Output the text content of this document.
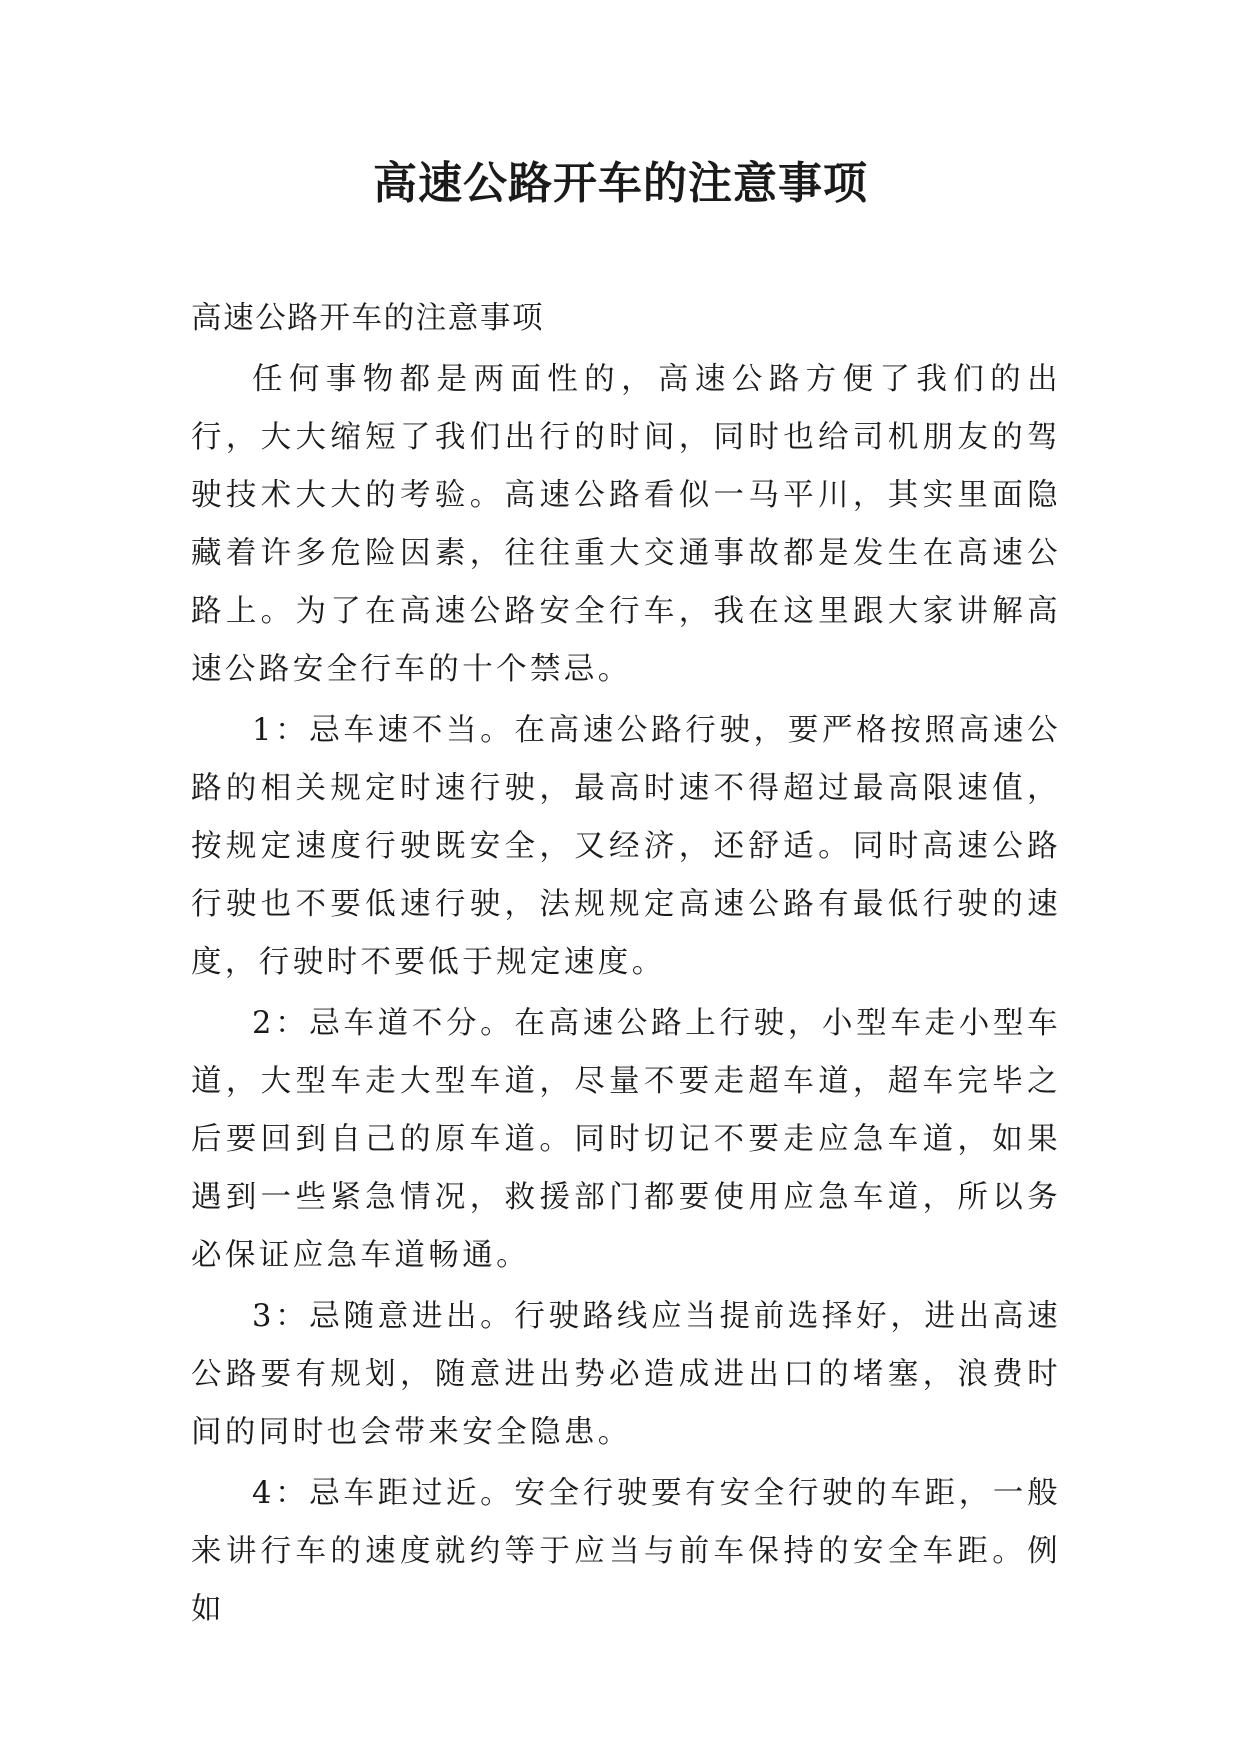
高速公路开车的注意事项

高速公路开车的注意事项

任何事物都是两面性的，高速公路方便了我们的出行，大大缩短了我们出行的时间，同时也给司机朋友的驾驶技术大大的考验。高速公路看似一马平川，其实里面隐藏着许多危险因素，往往重大交通事故都是发生在高速公路上。为了在高速公路安全行车，我在这里跟大家讲解高速公路安全行车的十个禁忌。

1：忌车速不当。在高速公路行驶，要严格按照高速公路的相关规定时速行驶，最高时速不得超过最高限速值，按规定速度行驶既安全，又经济，还舒适。同时高速公路行驶也不要低速行驶，法规规定高速公路有最低行驶的速度，行驶时不要低于规定速度。

2：忌车道不分。在高速公路上行驶，小型车走小型车道，大型车走大型车道，尽量不要走超车道，超车完毕之后要回到自己的原车道。同时切记不要走应急车道，如果遇到一些紧急情况，救援部门都要使用应急车道，所以务必保证应急车道畅通。

3：忌随意进出。行驶路线应当提前选择好，进出高速公路要有规划，随意进出势必造成进出口的堵塞，浪费时间的同时也会带来安全隐患。

4：忌车距过近。安全行驶要有安全行驶的车距，一般来讲行车的速度就约等于应当与前车保持的安全车距。例如
